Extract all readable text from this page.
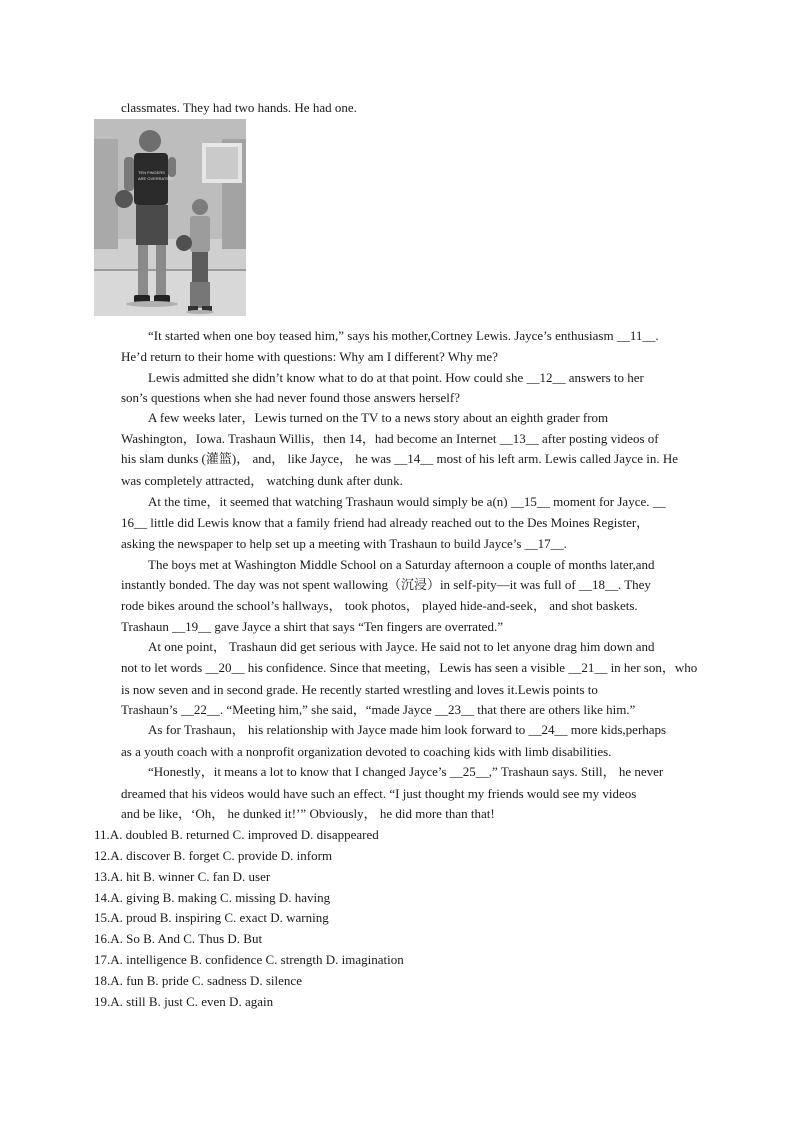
classmates. They had two hands. He had one.
TEN FINGERS
ARE OVERRATED
“It started when one boy teased him,” says his mother,Cortney Lewis. Jayce’s enthusiasm __11__.
He’d return to their home with questions: Why am I different? Why me?
Lewis admitted she didn’t know what to do at that point. How could she __12__ answers to her
son’s questions when she had never found those answers herself?
A few weeks later，Lewis turned on the TV to a news story about an eighth grader from
Washington，Iowa. Trashaun Willis，then 14，had become an Internet __13__ after posting videos of
his slam dunks (灌篮)， and， like Jayce， he was __14__ most of his left arm. Lewis called Jayce in. He
was completely attracted， watching dunk after dunk.
At the time，it seemed that watching Trashaun would simply be a(n) __15__ moment for Jayce. __
16__ little did Lewis know that a family friend had already reached out to the Des Moines Register，
asking the newspaper to help set up a meeting with Trashaun to build Jayce’s __17__.
The boys met at Washington Middle School on a Saturday afternoon a couple of months later,and
instantly bonded. The day was not spent wallowing（沉浸）in self-pity—it was full of __18__. They
rode bikes around the school’s hallways， took photos， played hide-and-seek， and shot baskets.
Trashaun __19__ gave Jayce a shirt that says “Ten fingers are overrated.”
At one point， Trashaun did get serious with Jayce. He said not to let anyone drag him down and
not to let words __20__ his confidence. Since that meeting，Lewis has seen a visible __21__ in her son，who
is now seven and in second grade. He recently started wrestling and loves it.Lewis points to
Trashaun’s __22__. “Meeting him,” she said，“made Jayce __23__ that there are others like him.”
As for Trashaun， his relationship with Jayce made him look forward to __24__ more kids,perhaps
as a youth coach with a nonprofit organization devoted to coaching kids with limb disabilities.
“Honestly，it means a lot to know that I changed Jayce’s __25__,” Trashaun says. Still， he never
dreamed that his videos would have such an effect. “I just thought my friends would see my videos
and be like，‘Oh， he dunked it!’” Obviously， he did more than that!
11.A. doubled B. returned C. improved D. disappeared
12.A. discover B. forget C. provide D. inform
13.A. hit B. winner C. fan D. user
14.A. giving B. making C. missing D. having
15.A. proud B. inspiring C. exact D. warning
16.A. So B. And C. Thus D. But
17.A. intelligence B. confidence C. strength D. imagination
18.A. fun B. pride C. sadness D. silence
19.A. still B. just C. even D. again
